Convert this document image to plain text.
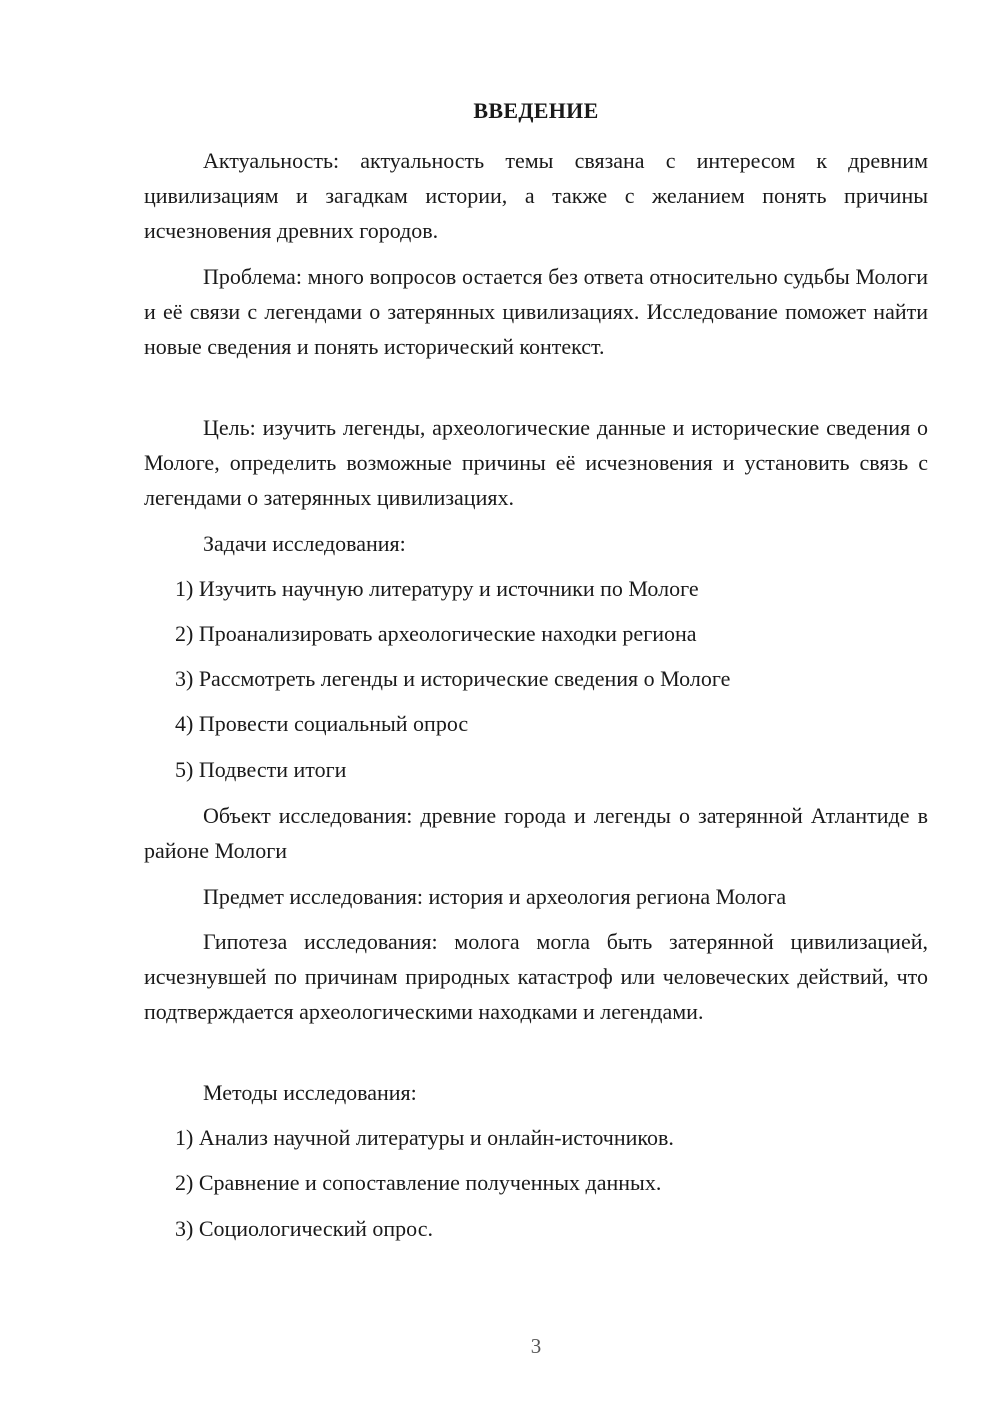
ВВЕДЕНИЕ

Актуальность: актуальность темы связана с интересом к древним цивилизациям и загадкам истории, а также с желанием понять причины исчезновения древних городов.

Проблема: много вопросов остается без ответа относительно судьбы Мологи и её связи с легендами о затерянных цивилизациях. Исследование поможет найти новые сведения и понять исторический контекст.

Цель: изучить легенды, археологические данные и исторические сведения о Мологе, определить возможные причины её исчезновения и установить связь с легендами о затерянных цивилизациях.

Задачи исследования:

1) Изучить научную литературу и источники по Мологе

2) Проанализировать археологические находки региона

3) Рассмотреть легенды и исторические сведения о Мологе

4) Провести социальный опрос

5) Подвести итоги

Объект исследования: древние города и легенды о затерянной Атлантиде в районе Мологи

Предмет исследования: история и археология региона Молога

Гипотеза исследования: молога могла быть затерянной цивилизацией, исчезнувшей по причинам природных катастроф или человеческих действий, что подтверждается археологическими находками и легендами.

Методы исследования:

1) Анализ научной литературы и онлайн-источников.

2) Сравнение и сопоставление полученных данных.

3) Социологический опрос.

3
